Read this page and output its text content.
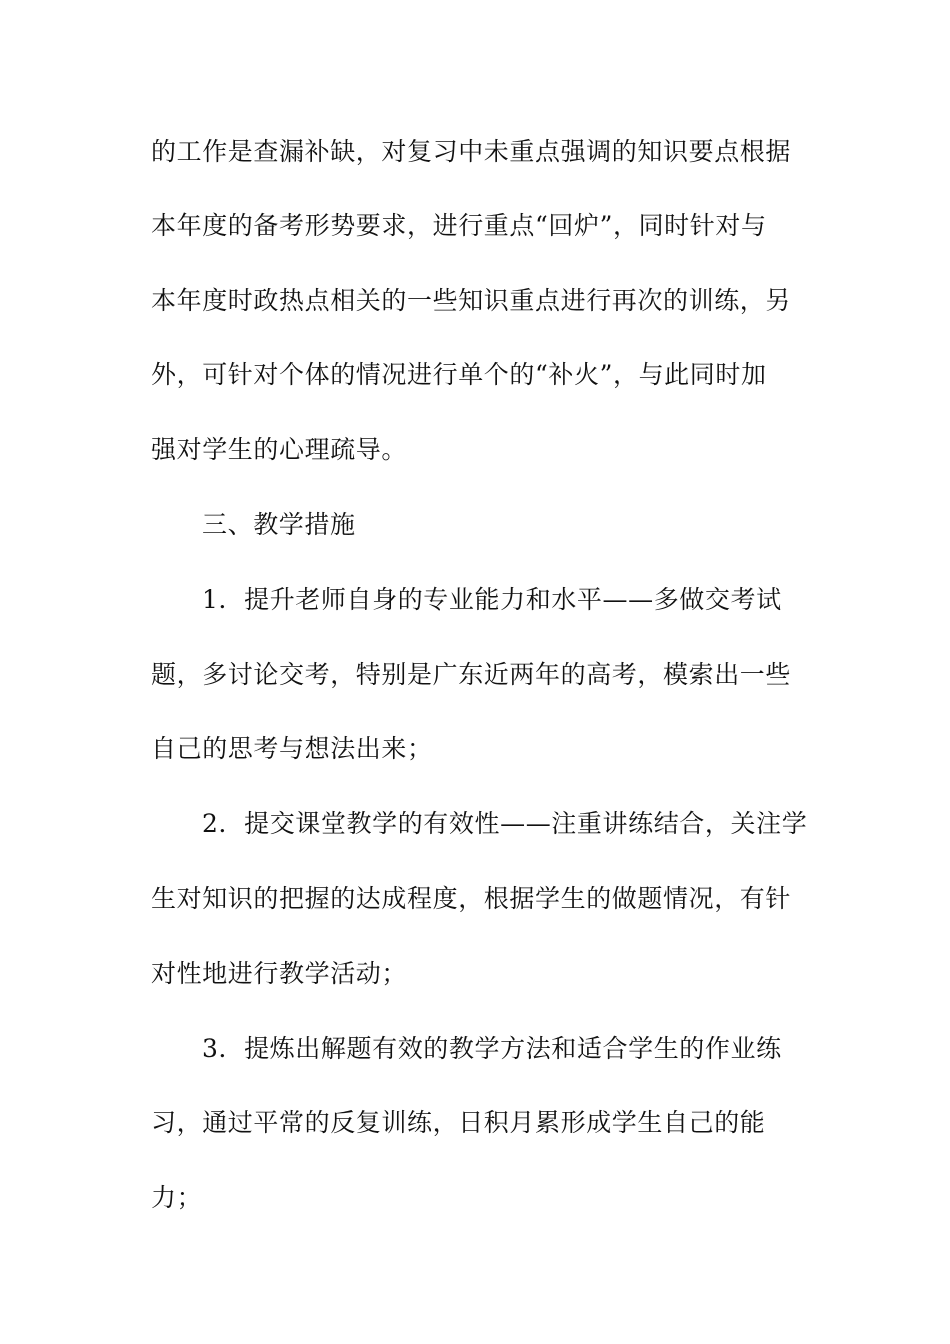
的工作是查漏补缺，对复习中未重点强调的知识要点根据
本年度的备考形势要求，进行重点“回炉”，同时针对与
本年度时政热点相关的一些知识重点进行再次的训练，另
外，可针对个体的情况进行单个的“补火”，与此同时加
强对学生的心理疏导。
三、教学措施
1．提升老师自身的专业能力和水平——多做交考试
题，多讨论交考，特别是广东近两年的高考，模索出一些
自己的思考与想法出来；
2．提交课堂教学的有效性——注重讲练结合，关注学
生对知识的把握的达成程度，根据学生的做题情况，有针
对性地进行教学活动；
3．提炼出解题有效的教学方法和适合学生的作业练
习，通过平常的反复训练，日积月累形成学生自己的能
力；
